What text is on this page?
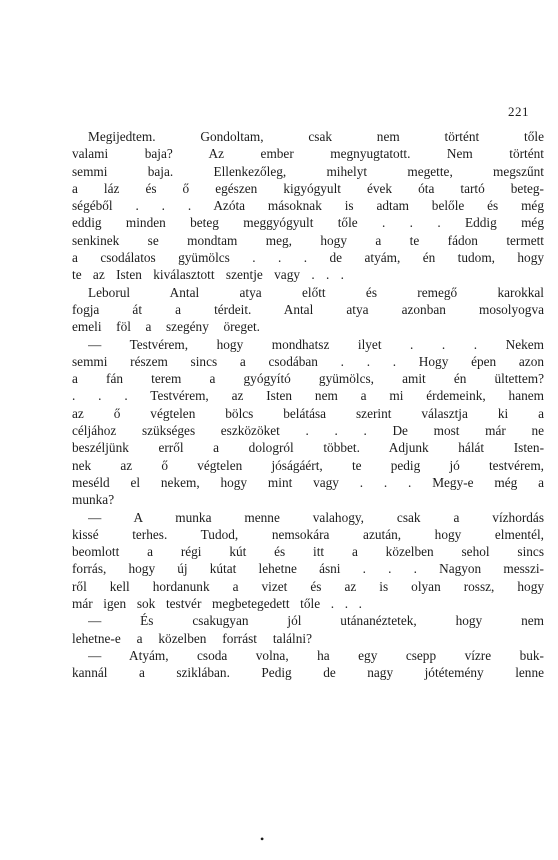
221
Megijedtem. Gondoltam, csak nem történt tőle
valami baja? Az ember megnyugtatott. Nem történt
semmi baja. Ellenkezőleg, mihelyt megette, megszűnt
a láz és ő egészen kigyógyult évek óta tartó beteg-
ségéből . . . Azóta másoknak is adtam belőle és még
eddig minden beteg meggyógyult tőle . . . Eddig még
senkinek se mondtam meg, hogy a te fádon termett
a csodálatos gyümölcs . . . de atyám, én tudom, hogy
te az Isten kiválasztott szentje vagy . . .
Leborul Antal atya előtt és remegő karokkal
fogja át a térdeit. Antal atya azonban mosolyogva
emeli föl a szegény öreget.
— Testvérem, hogy mondhatsz ilyet . . . Nekem
semmi részem sincs a csodában . . . Hogy épen azon
a fán terem a gyógyító gyümölcs, amit én ültettem?
. . . Testvérem, az Isten nem a mi érdemeink, hanem
az ő végtelen bölcs belátása szerint választja ki a
céljához szükséges eszközöket . . . De most már ne
beszéljünk erről a dologról többet. Adjunk hálát Isten-
nek az ő végtelen jóságáért, te pedig jó testvérem,
meséld el nekem, hogy mint vagy . . . Megy-e még a
munka?
— A munka menne valahogy, csak a vízhordás
kissé terhes. Tudod, nemsokára azután, hogy elmentél,
beomlott a régi kút és itt a közelben sehol sincs
forrás, hogy új kútat lehetne ásni . . . Nagyon messzi-
ről kell hordanunk a vizet és az is olyan rossz, hogy
már igen sok testvér megbetegedett tőle . . .
— És csakugyan jól utánanéztetek, hogy nem
lehetne-e a közelben forrást találni?
— Atyám, csoda volna, ha egy csepp vízre buk-
kannál a sziklában. Pedig de nagy jótétemény lenne
•
